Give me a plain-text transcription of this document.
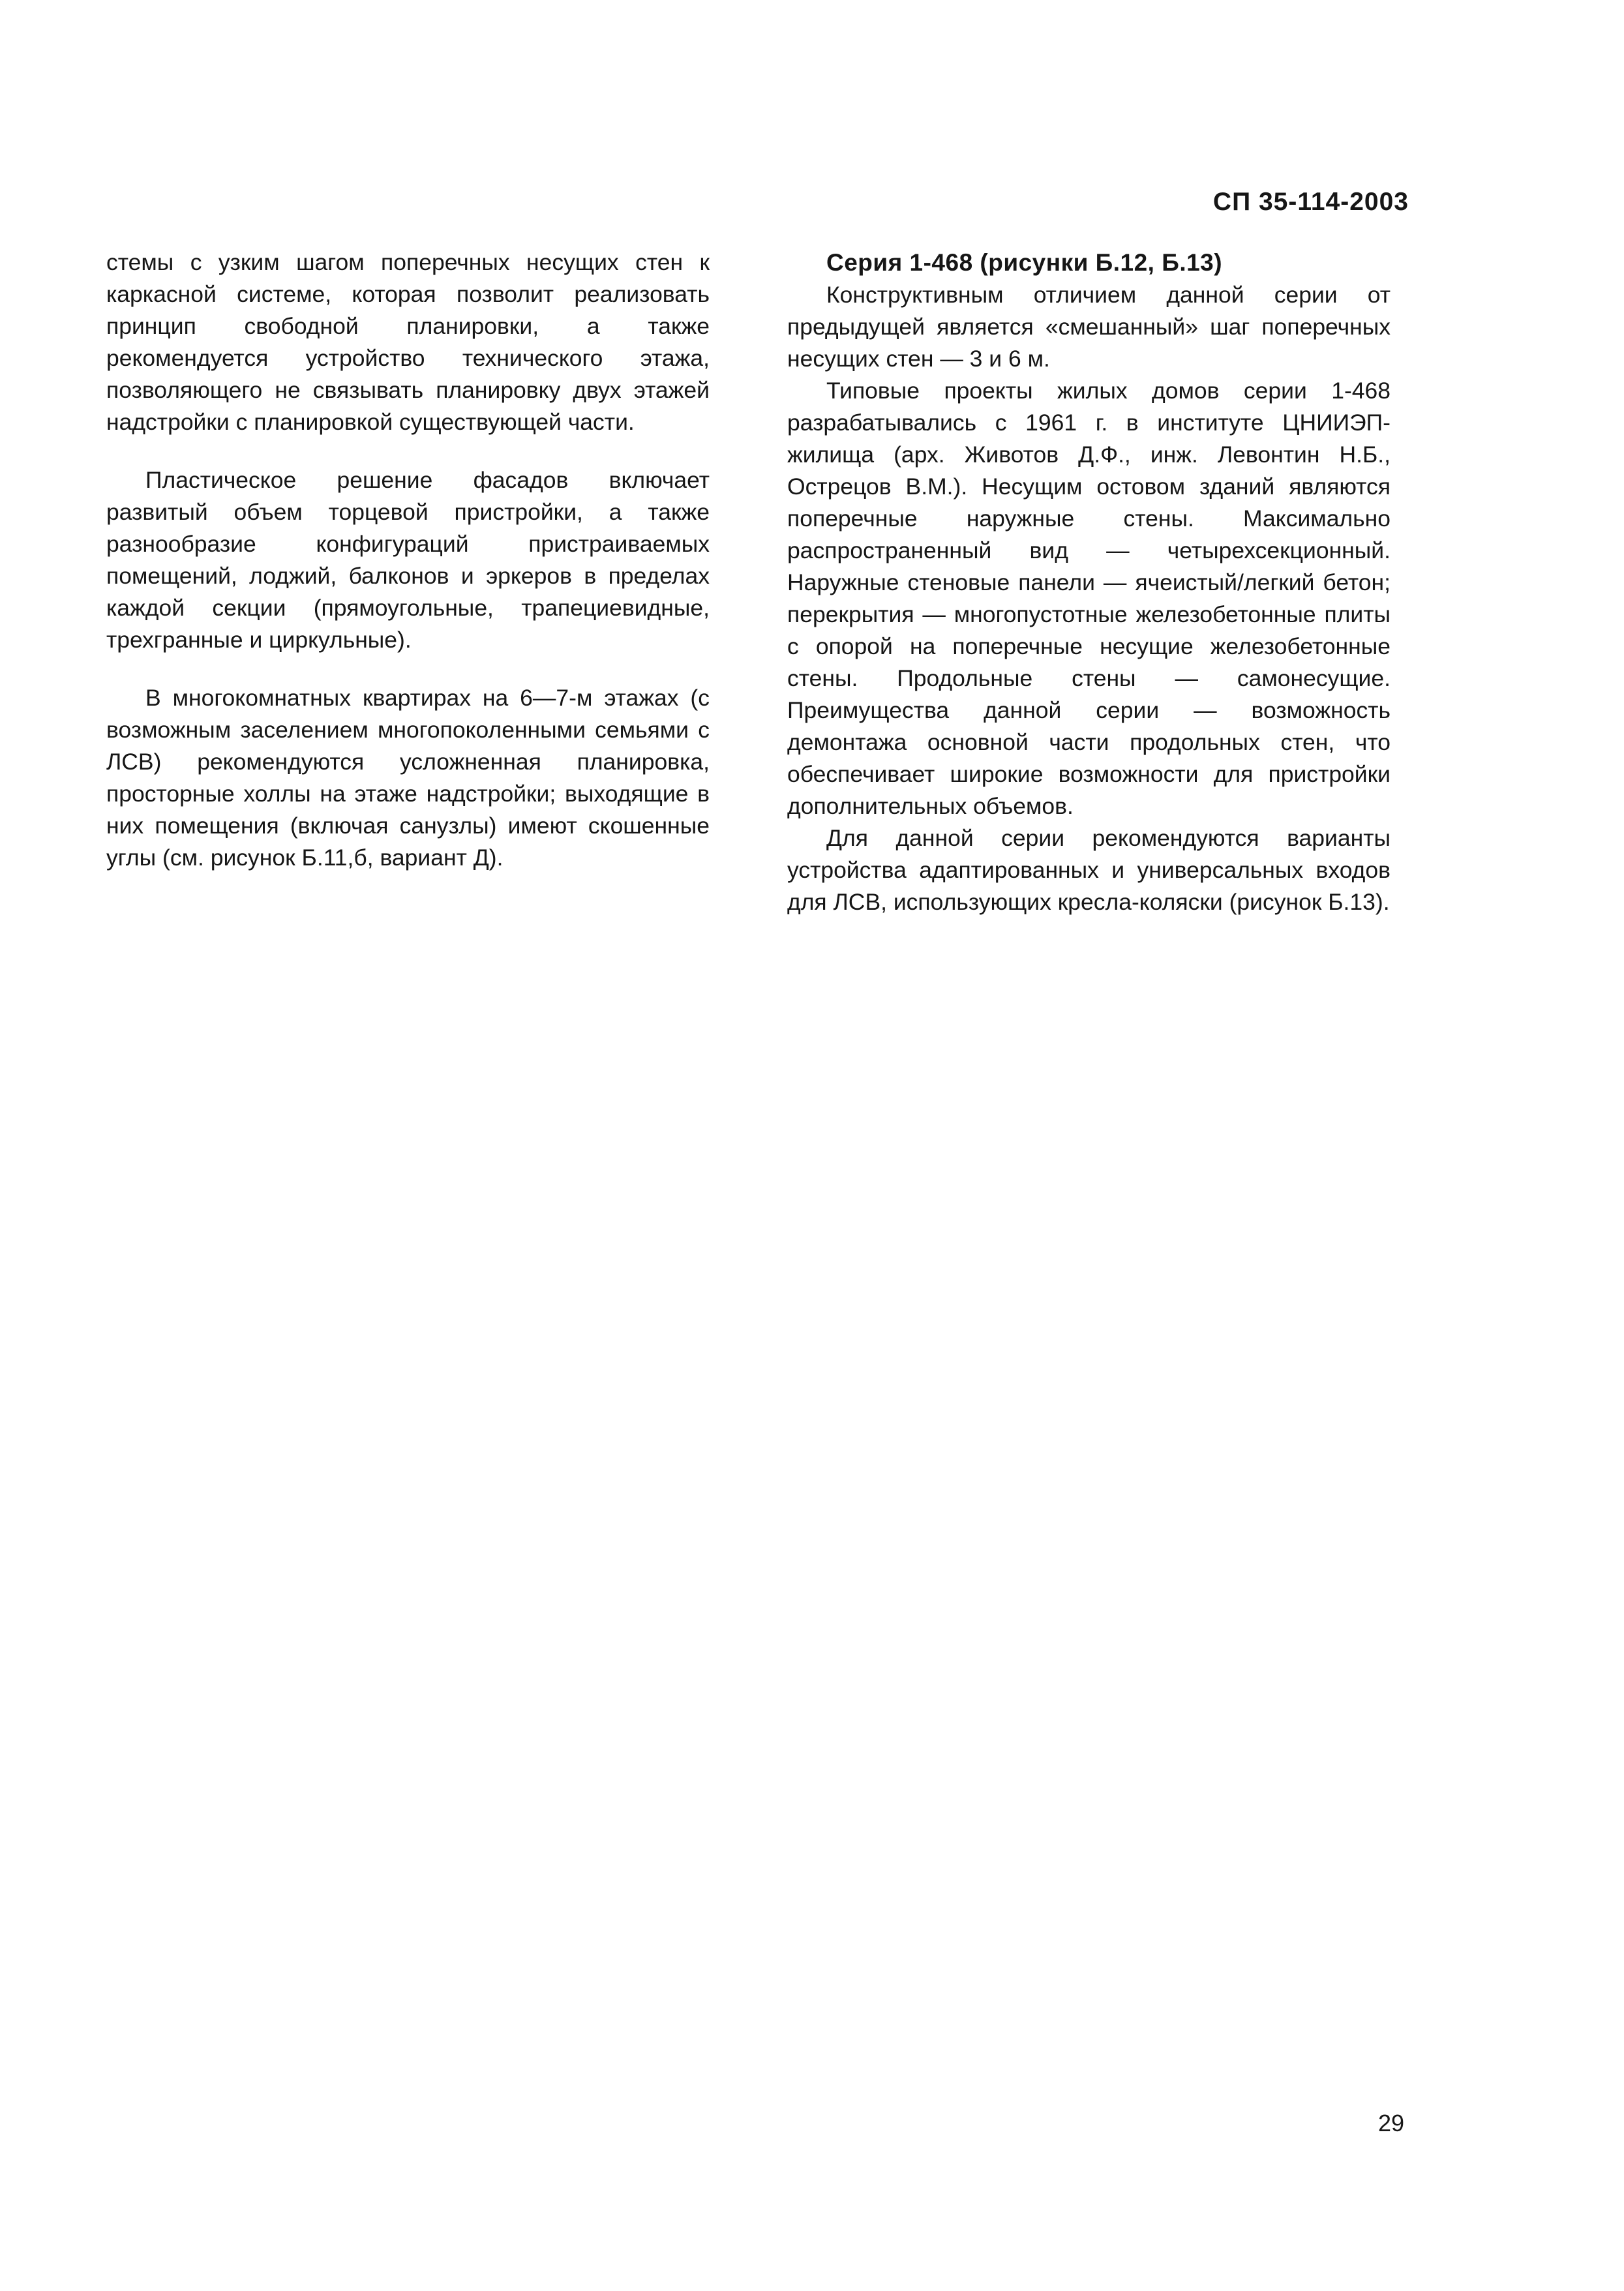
СП 35-114-2003

стемы с узким шагом поперечных несущих стен к каркасной системе, которая позволит реализовать принцип свободной планировки, а также рекомендуется устройство технического этажа, позволяющего не связывать планировку двух этажей надстройки с планировкой существующей части.

Пластическое решение фасадов включает развитый объем торцевой пристройки, а также разнообразие конфигураций пристраиваемых помещений, лоджий, балконов и эркеров в пределах каждой секции (прямоугольные, трапециевидные, трехгранные и циркульные).

В многокомнатных квартирах на 6—7-м этажах (с возможным заселением многопоколенными семьями с ЛСВ) рекомендуются усложненная планировка, просторные холлы на этаже надстройки; выходящие в них помещения (включая санузлы) имеют скошенные углы (см. рисунок Б.11,б, вариант Д).

Серия 1-468 (рисунки Б.12, Б.13)

Конструктивным отличием данной серии от предыдущей является «смешанный» шаг поперечных несущих стен — 3 и 6 м.

Типовые проекты жилых домов серии 1-468 разрабатывались с 1961 г. в институте ЦНИИЭП-жилища (арх. Животов Д.Ф., инж. Левонтин Н.Б., Острецов В.М.). Несущим остовом зданий являются поперечные наружные стены. Максимально распространенный вид — четырехсекционный. Наружные стеновые панели — ячеистый/легкий бетон; перекрытия — многопустотные железобетонные плиты с опорой на поперечные несущие железобетонные стены. Продольные стены — самонесущие. Преимущества данной серии — возможность демонтажа основной части продольных стен, что обеспечивает широкие возможности для пристройки дополнительных объемов.

Для данной серии рекомендуются варианты устройства адаптированных и универсальных входов для ЛСВ, использующих кресла-коляски (рисунок Б.13).

29
